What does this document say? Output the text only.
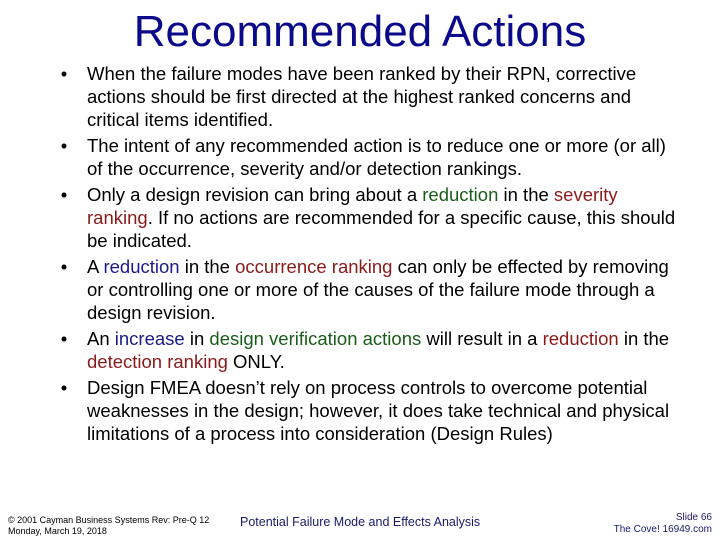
Recommended Actions
• When the failure modes have been ranked by their RPN, corrective actions should be first directed at the highest ranked concerns and critical items identified.
• The intent of any recommended action is to reduce one or more (or all) of the occurrence, severity and/or detection rankings.
• Only a design revision can bring about a reduction in the severity ranking. If no actions are recommended for a specific cause, this should be indicated.
• A reduction in the occurrence ranking can only be effected by removing or controlling one or more of the causes of the failure mode through a design revision.
• An increase in design verification actions will result in a reduction in the detection ranking ONLY.
• Design FMEA doesn’t rely on process controls to overcome potential weaknesses in the design; however, it does take technical and physical limitations of a process into consideration (Design Rules)
© 2001 Cayman Business Systems Rev: Pre-Q 12
Monday, March 19, 2018
Potential Failure Mode and Effects Analysis	Slide 66
The Cove! 16949.com
